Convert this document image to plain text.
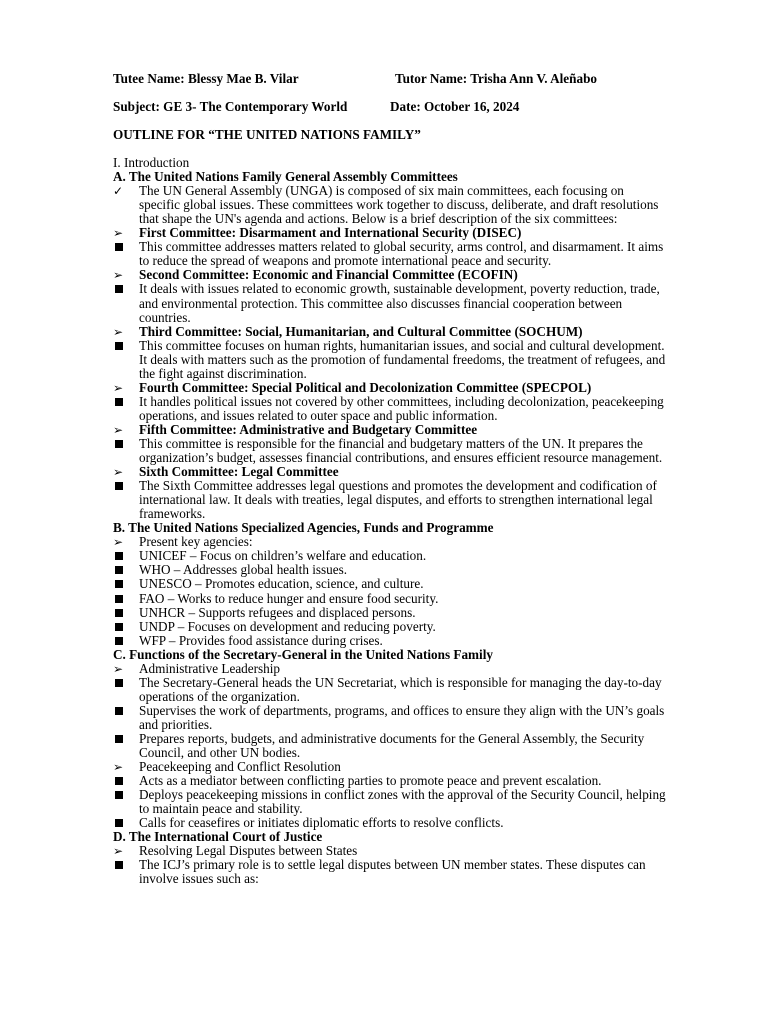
Tutee Name: Blessy Mae B. Vilar	Tutor Name: Trisha Ann V. Aleñabo
Subject: GE 3- The Contemporary World	Date: October 16, 2024
OUTLINE FOR “THE UNITED NATIONS FAMILY”
I. Introduction
A. The United Nations Family General Assembly Committees
✓	The UN General Assembly (UNGA) is composed of six main committees, each focusing on specific global issues. These committees work together to discuss, deliberate, and draft resolutions that shape the UN's agenda and actions. Below is a brief description of the six committees:
➢	First Committee: Disarmament and International Security (DISEC)
This committee addresses matters related to global security, arms control, and disarmament. It aims to reduce the spread of weapons and promote international peace and security.
➢	Second Committee: Economic and Financial Committee (ECOFIN)
It deals with issues related to economic growth, sustainable development, poverty reduction, trade, and environmental protection. This committee also discusses financial cooperation between countries.
➢	Third Committee: Social, Humanitarian, and Cultural Committee (SOCHUM)
This committee focuses on human rights, humanitarian issues, and social and cultural development. It deals with matters such as the promotion of fundamental freedoms, the treatment of refugees, and the fight against discrimination.
➢	Fourth Committee: Special Political and Decolonization Committee (SPECPOL)
It handles political issues not covered by other committees, including decolonization, peacekeeping operations, and issues related to outer space and public information.
➢	Fifth Committee: Administrative and Budgetary Committee
This committee is responsible for the financial and budgetary matters of the UN. It prepares the organization’s budget, assesses financial contributions, and ensures efficient resource management.
➢	Sixth Committee: Legal Committee
The Sixth Committee addresses legal questions and promotes the development and codification of international law. It deals with treaties, legal disputes, and efforts to strengthen international legal frameworks.
B. The United Nations Specialized Agencies, Funds and Programme
➢	Present key agencies:
UNICEF – Focus on children’s welfare and education.
WHO – Addresses global health issues.
UNESCO – Promotes education, science, and culture.
FAO – Works to reduce hunger and ensure food security.
UNHCR – Supports refugees and displaced persons.
UNDP – Focuses on development and reducing poverty.
WFP – Provides food assistance during crises.
C. Functions of the Secretary-General in the United Nations Family
➢	Administrative Leadership
The Secretary-General heads the UN Secretariat, which is responsible for managing the day-to-day operations of the organization.
Supervises the work of departments, programs, and offices to ensure they align with the UN’s goals and priorities.
Prepares reports, budgets, and administrative documents for the General Assembly, the Security Council, and other UN bodies.
➢	Peacekeeping and Conflict Resolution
Acts as a mediator between conflicting parties to promote peace and prevent escalation.
Deploys peacekeeping missions in conflict zones with the approval of the Security Council, helping to maintain peace and stability.
Calls for ceasefires or initiates diplomatic efforts to resolve conflicts.
D. The International Court of Justice
➢	Resolving Legal Disputes between States
The ICJ’s primary role is to settle legal disputes between UN member states. These disputes can involve issues such as:
